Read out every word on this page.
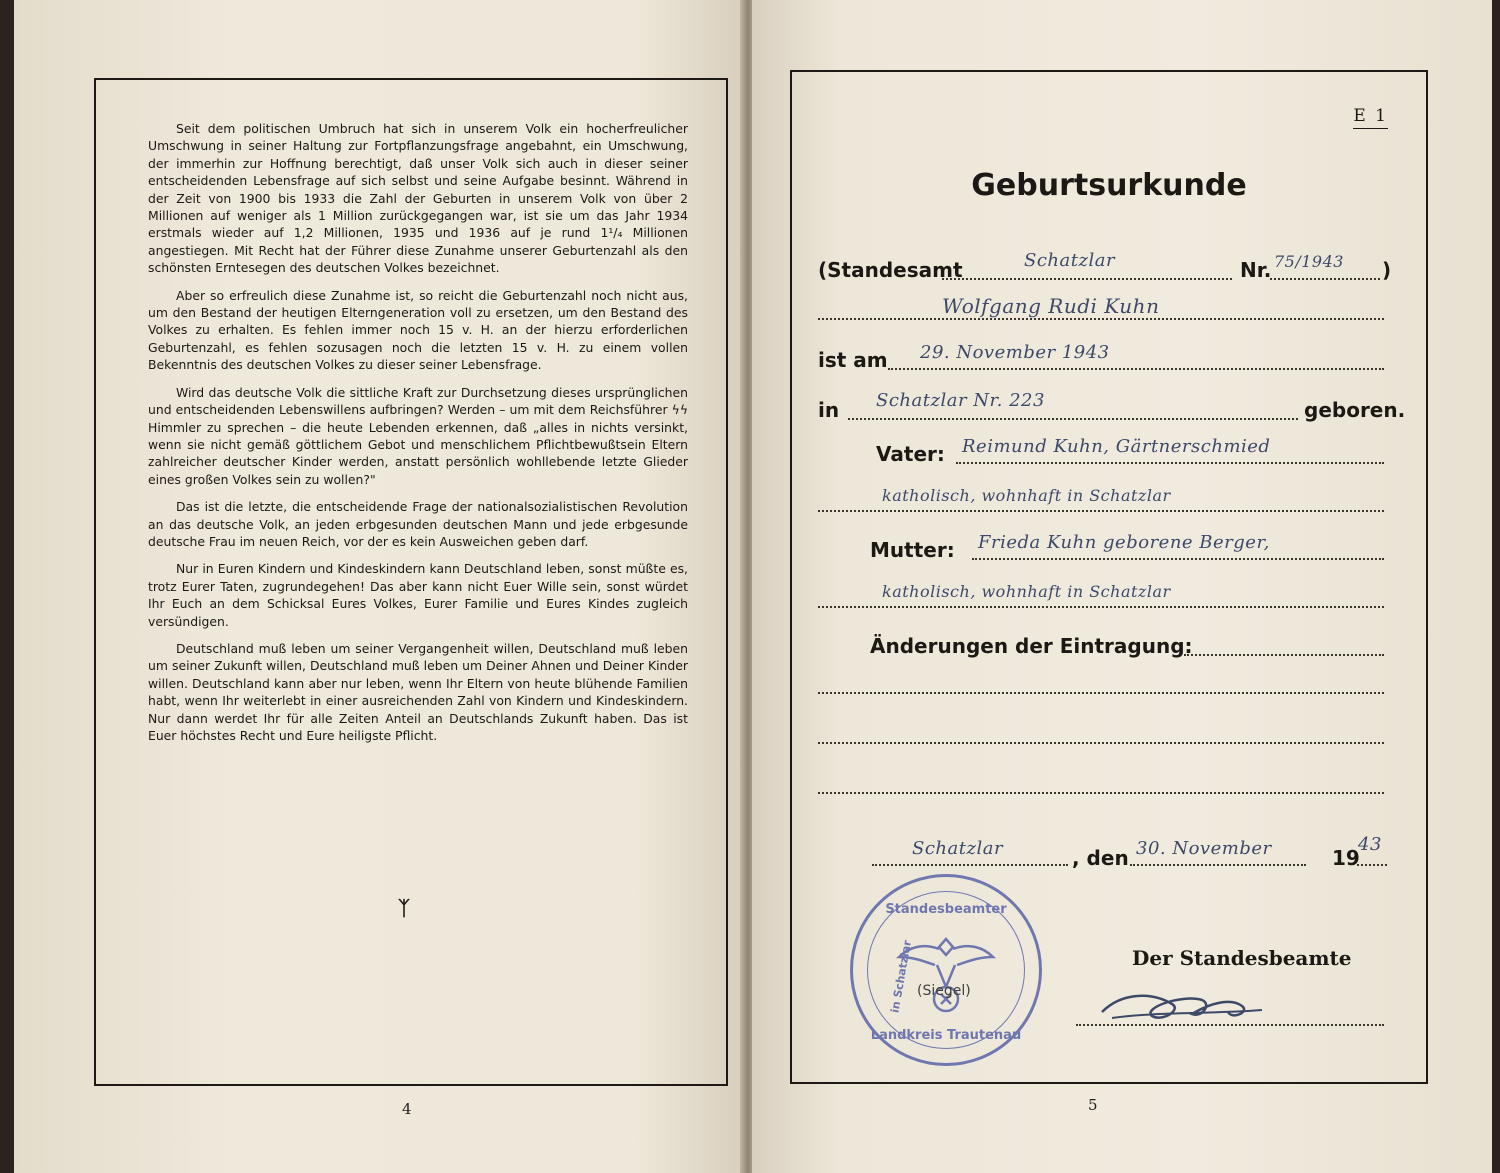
Seit dem politischen Umbruch hat sich in unserem Volk ein hocherfreulicher Umschwung in seiner Haltung zur Fortpflanzungsfrage angebahnt, ein Umschwung, der immerhin zur Hoffnung berechtigt, daß unser Volk sich auch in dieser seiner entscheidenden Lebensfrage auf sich selbst und seine Aufgabe besinnt. Während in der Zeit von 1900 bis 1933 die Zahl der Geburten in unserem Volk von über 2 Millionen auf weniger als 1 Million zurückgegangen war, ist sie um das Jahr 1934 erstmals wieder auf 1,2 Millionen, 1935 und 1936 auf je rund 1¹/₄ Millionen angestiegen. Mit Recht hat der Führer diese Zunahme unserer Geburtenzahl als den schönsten Erntesegen des deutschen Volkes bezeichnet.

Aber so erfreulich diese Zunahme ist, so reicht die Geburtenzahl noch nicht aus, um den Bestand der heutigen Elterngeneration voll zu ersetzen, um den Bestand des Volkes zu erhalten. Es fehlen immer noch 15 v. H. an der hierzu erforderlichen Geburtenzahl, es fehlen sozusagen noch die letzten 15 v. H. zu einem vollen Bekenntnis des deutschen Volkes zu dieser seiner Lebensfrage.

Wird das deutsche Volk die sittliche Kraft zur Durchsetzung dieses ursprünglichen und entscheidenden Lebenswillens aufbringen? Werden – um mit dem Reichsführer ϟϟ Himmler zu sprechen – die heute Lebenden erkennen, daß „alles in nichts versinkt, wenn sie nicht gemäß göttlichem Gebot und menschlichem Pflichtbewußtsein Eltern zahlreicher deutscher Kinder werden, anstatt persönlich wohllebende letzte Glieder eines großen Volkes sein zu wollen?"

Das ist die letzte, die entscheidende Frage der nationalsozialistischen Revolution an das deutsche Volk, an jeden erbgesunden deutschen Mann und jede erbgesunde deutsche Frau im neuen Reich, vor der es kein Ausweichen geben darf.

Nur in Euren Kindern und Kindeskindern kann Deutschland leben, sonst müßte es, trotz Eurer Taten, zugrundegehen! Das aber kann nicht Euer Wille sein, sonst würdet Ihr Euch an dem Schicksal Eures Volkes, Eurer Familie und Eures Kindes zugleich versündigen.

Deutschland muß leben um seiner Vergangenheit willen, Deutschland muß leben um seiner Zukunft willen, Deutschland muß leben um Deiner Ahnen und Deiner Kinder willen. Deutschland kann aber nur leben, wenn Ihr Eltern von heute blühende Familien habt, wenn Ihr weiterlebt in einer ausreichenden Zahl von Kindern und Kindeskindern. Nur dann werdet Ihr für alle Zeiten Anteil an Deutschlands Zukunft haben. Das ist Euer höchstes Recht und Eure heiligste Pflicht.

ᛉ
4
E 1
Geburtsurkunde
(Standesamt	Schatzlar	Nr. 75/1943 )
Wolfgang Rudi Kuhn
ist am 29. November 1943
in Schatzlar Nr. 223	geboren.
Vater: Reimund Kuhn, Gärtnerschmied
katholisch, wohnhaft in Schatzlar
Mutter: Frieda Kuhn geborene Berger,
katholisch, wohnhaft in Schatzlar
Änderungen der Eintragung:
Schatzlar	, den 30. November	19
43
Standesbeamter
Landkreis Trautenau
in Schatzlar (Siegel)
Der Standesbeamte
5
